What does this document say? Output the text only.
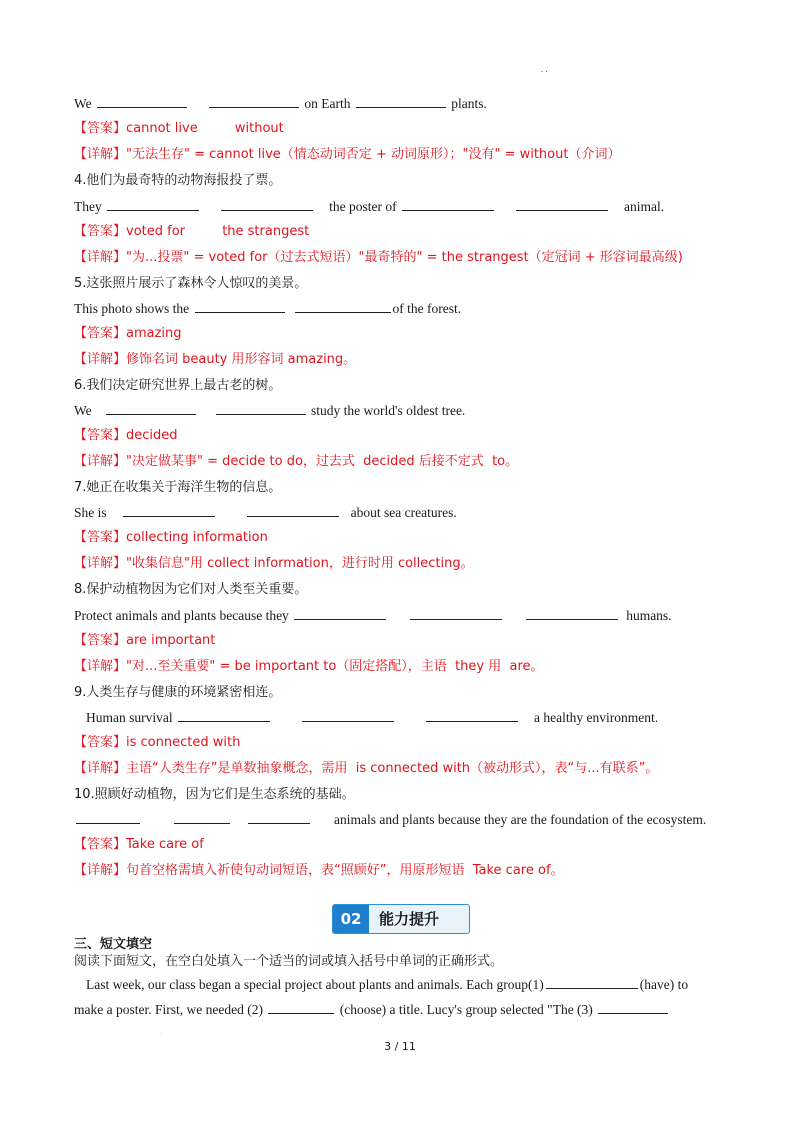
. .
We	on Earth	plants.
【答案】cannot live         without
【详解】"无法生存" = cannot live（情态动词否定 + 动词原形）；"没有" = without（介词）
4.他们为最奇特的动物海报投了票。
They	the poster of	animal.
【答案】voted for         the strangest
【详解】"为...投票" = voted for（过去式短语）"最奇特的" = the strangest（定冠词 + 形容词最高级)
5.这张照片展示了森林令人惊叹的美景。
This photo shows the	of the forest.
【答案】amazing
【详解】修饰名词 beauty 用形容词 amazing。
6.我们决定研究世界上最古老的树。
We	study the world's oldest tree.
【答案】decided
【详解】"决定做某事" = decide to do，过去式  decided 后接不定式  to。
7.她正在收集关于海洋生物的信息。
She is	about sea creatures.
【答案】collecting information
【详解】"收集信息"用 collect information，进行时用 collecting。
8.保护动植物因为它们对人类至关重要。
Protect animals and plants because they	humans.
【答案】are important
【详解】"对...至关重要" = be important to（固定搭配），主语  they 用  are。
9.人类生存与健康的环境紧密相连。
Human survival	a healthy environment.
【答案】is connected with
【详解】主语“人类生存”是单数抽象概念，需用  is connected with（被动形式），表“与...有联系”。
10.照顾好动植物，因为它们是生态系统的基础。
animals and plants because they are the foundation of the ecosystem.
【答案】Take care of
【详解】句首空格需填入祈使句动词短语，表“照顾好”，用原形短语  Take care of。
02	能力提升
三、短文填空
阅读下面短文，在空白处填入一个适当的词或填入括号中单词的正确形式。
Last week, our class began a special project about plants and animals. Each group(1)	(have) to
make a poster. First, we needed (2)	(choose) a title. Lucy's group selected "The (3)
.
3 / 11
